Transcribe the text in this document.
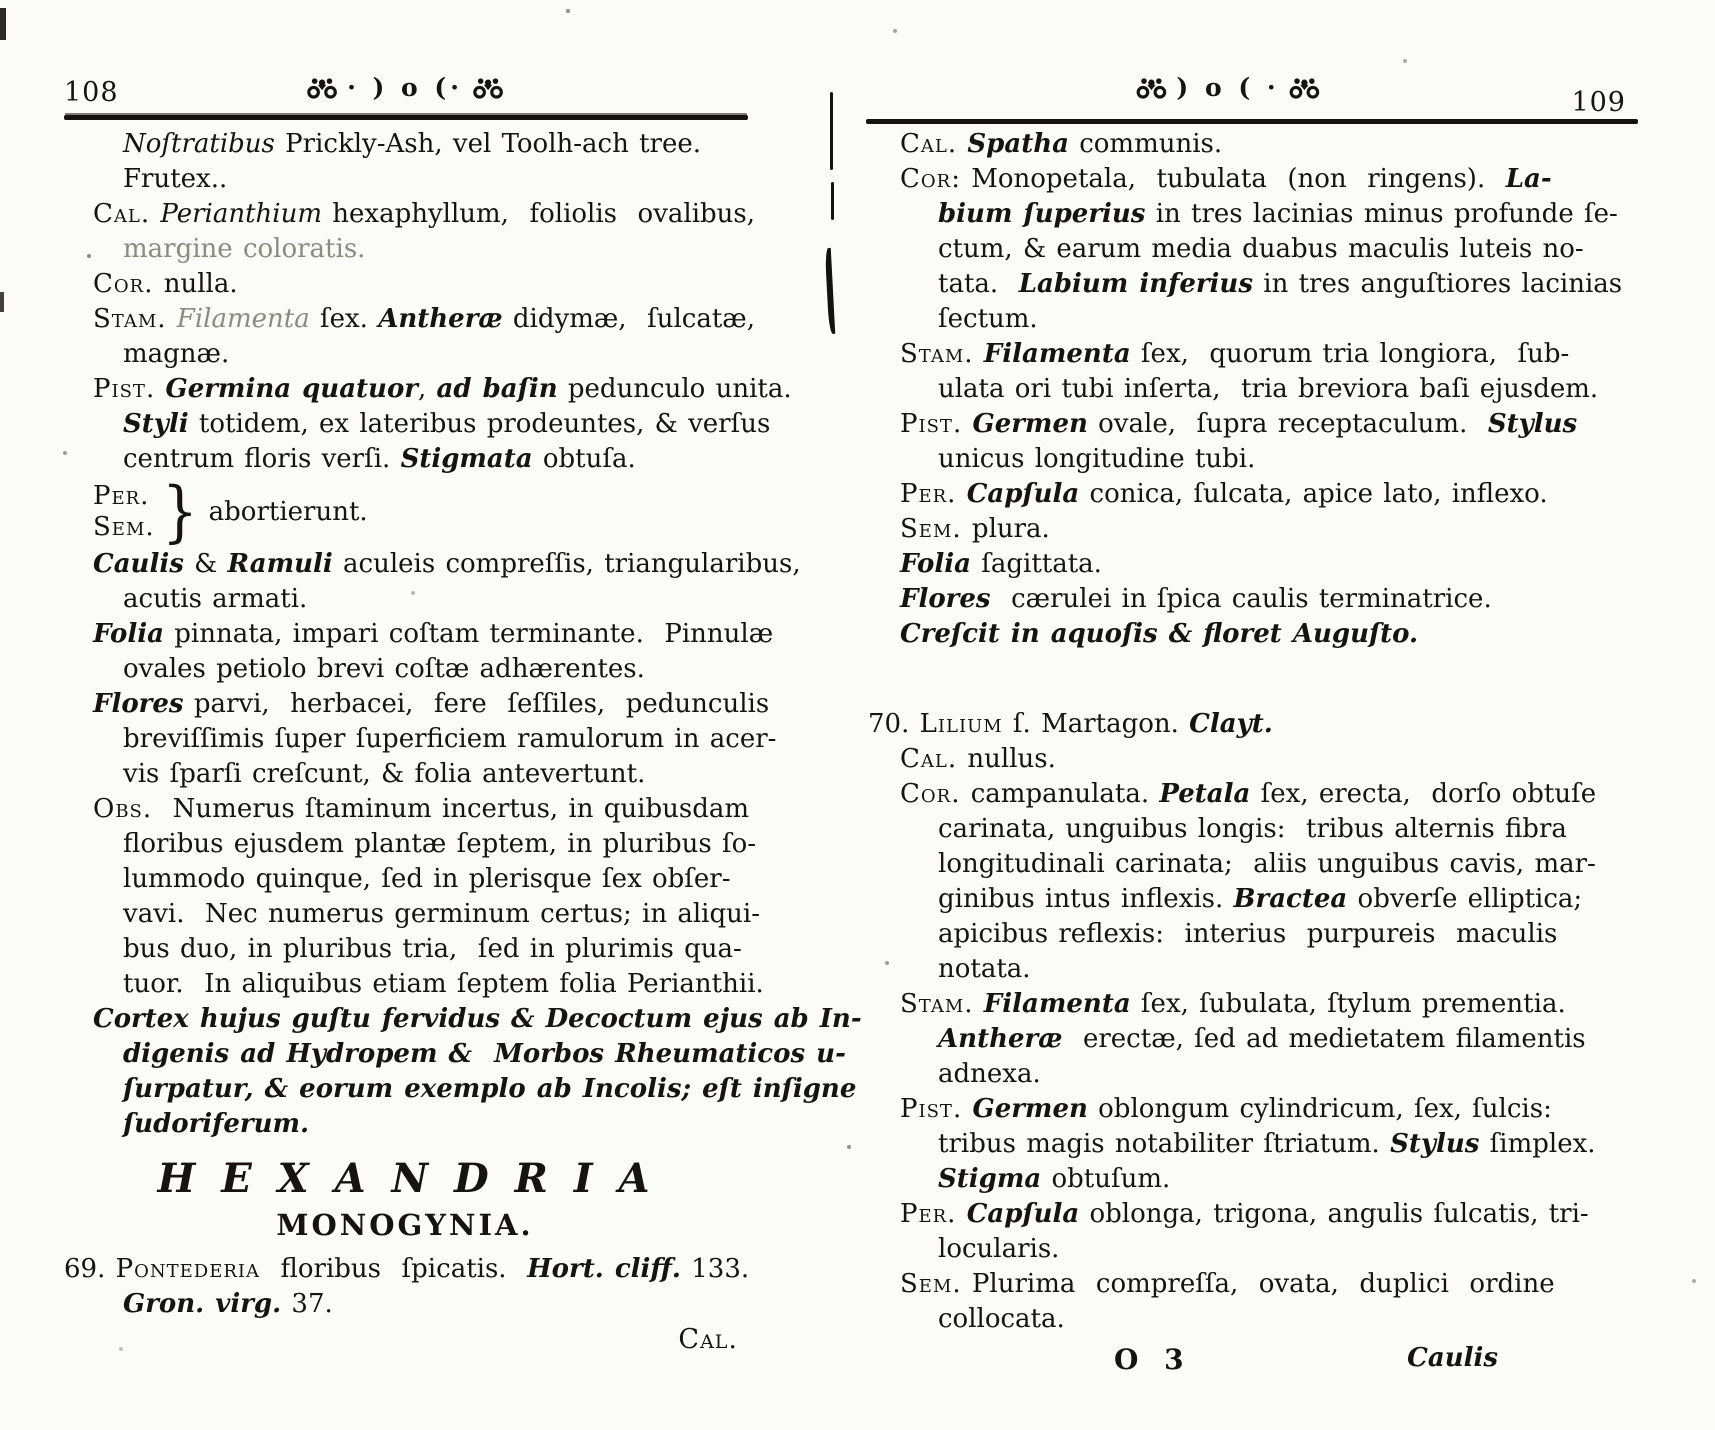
108	· ) o (·
Noſtratibus Prickly-Ash, vel Toolh-ach tree.
Frutex..
Cal. Perianthium hexaphyllum,  foliolis  ovalibus,
margine coloratis.
Cor. nulla.
Stam. Filamenta ſex. Antheræ didymæ,  ſulcatæ,
magnæ.
Pist. Germina quatuor, ad baſin pedunculo unita.
Styli totidem, ex lateribus prodeuntes, & verſus
centrum floris verſi. Stigmata obtuſa.
Per.
Sem. } abortierunt.
Caulis & Ramuli aculeis compreſſis, triangularibus,
acutis armati.
Folia pinnata, impari coſtam terminante.  Pinnulæ
ovales petiolo brevi coſtæ adhærentes.
Flores parvi,  herbacei,  fere  ſeſſiles,  pedunculis
breviſſimis ſuper ſuperficiem ramulorum in acer-
vis ſparſi creſcunt, & folia antevertunt.
Obs.  Numerus ſtaminum incertus, in quibusdam
floribus ejusdem plantæ ſeptem, in pluribus ſo-
lummodo quinque, ſed in plerisque ſex obſer-
vavi.  Nec numerus germinum certus; in aliqui-
bus duo, in pluribus tria,  ſed in plurimis qua-
tuor.  In aliquibus etiam ſeptem folia Perianthii.
Cortex hujus guſtu fervidus & Decoctum ejus ab In-
digenis ad Hydropem &  Morbos Rheumaticos u-
ſurpatur, & eorum exemplo ab Incolis; eſt inſigne
ſudoriferum.
H E X A N D R I A
MONOGYNIA.
69. Pontederia  floribus  ſpicatis.  Hort. cliff. 133.
Gron. virg. 37.
Cal.
109
) o ( ·
Cal. Spatha communis.
Cor: Monopetala,  tubulata  (non  ringens).  La-
bium ſuperius in tres lacinias minus profunde ſe-
ctum, & earum media duabus maculis luteis no-
tata.  Labium inferius in tres anguſtiores lacinias
ſectum.
Stam. Filamenta ſex,  quorum tria longiora,  ſub-
ulata ori tubi inſerta,  tria breviora baſi ejusdem.
Pist. Germen ovale,  ſupra receptaculum.  Stylus
unicus longitudine tubi.
Per. Capſula conica, ſulcata, apice lato, inflexo.
Sem. plura.
Folia ſagittata.
Flores  cærulei in ſpica caulis terminatrice.
Creſcit in aquoſis & floret Auguſto.
70. Lilium ſ. Martagon. Clayt.
Cal. nullus.
Cor. campanulata. Petala ſex, erecta,  dorſo obtuſe
carinata, unguibus longis:  tribus alternis fibra
longitudinali carinata;  aliis unguibus cavis, mar-
ginibus intus inflexis. Bractea obverſe elliptica;
apicibus reflexis:  interius  purpureis  maculis
notata.
Stam. Filamenta ſex, ſubulata, ſtylum prementia.
Antheræ  erectæ, ſed ad medietatem filamentis
adnexa.
Pist. Germen oblongum cylindricum, ſex, ſulcis:
tribus magis notabiliter ſtriatum. Stylus ſimplex.
Stigma obtuſum.
Per. Capſula oblonga, trigona, angulis ſulcatis, tri-
locularis.
Sem. Plurima  compreſſa,  ovata,  duplici  ordine
collocata.
O 3	Caulis
